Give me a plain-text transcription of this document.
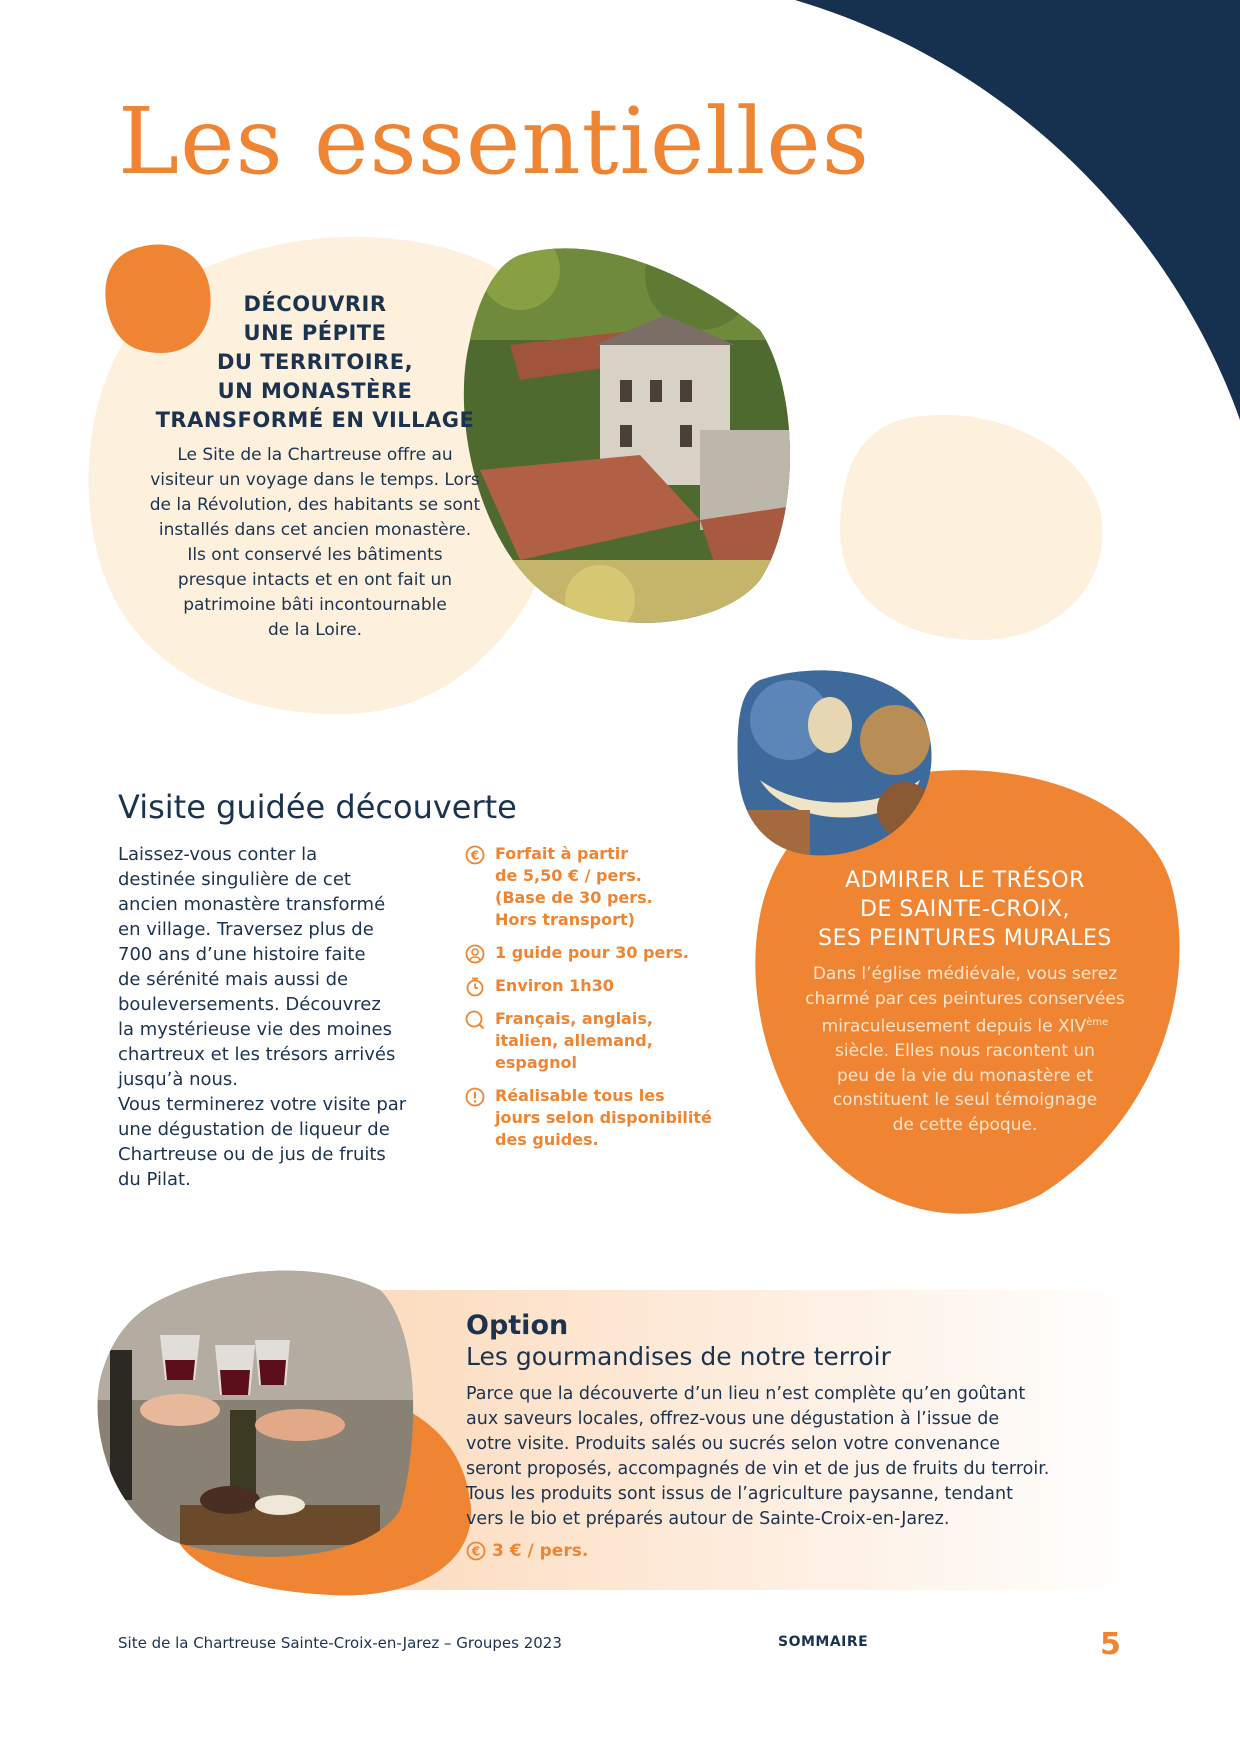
Les essentielles
DÉCOUVRIR
UNE PÉPITE
DU TERRITOIRE,
UN MONASTÈRE
TRANSFORMÉ EN VILLAGE
Le Site de la Chartreuse offre au
visiteur un voyage dans le temps. Lors
de la Révolution, des habitants se sont
installés dans cet ancien monastère.
Ils ont conservé les bâtiments
presque intacts et en ont fait un
patrimoine bâti incontournable
de la Loire.
Visite guidée découverte
Laissez-vous conter la
destinée singulière de cet
ancien monastère transformé
en village. Traversez plus de
700 ans d’une histoire faite
de sérénité mais aussi de
bouleversements. Découvrez
la mystérieuse vie des moines
chartreux et les trésors arrivés
jusqu’à nous.
Vous terminerez votre visite par
une dégustation de liqueur de
Chartreuse ou de jus de fruits
du Pilat.
€ Forfait à partir
de 5,50 € / pers.
(Base de 30 pers.
Hors transport)
1 guide pour 30 pers.
Environ 1h30
Français, anglais,
italien, allemand,
espagnol
Réalisable tous les
jours selon disponibilité
des guides.
ADMIRER LE TRÉSOR
DE SAINTE-CROIX,
SES PEINTURES MURALES
Dans l’église médiévale, vous serez
charmé par ces peintures conservées
miraculeusement depuis le XIVème
siècle. Elles nous racontent un
peu de la vie du monastère et
constituent le seul témoignage
de cette époque.
Option
Les gourmandises de notre terroir
Parce que la découverte d’un lieu n’est complète qu’en goûtant
aux saveurs locales, offrez-vous une dégustation à l’issue de
votre visite. Produits salés ou sucrés selon votre convenance
seront proposés, accompagnés de vin et de jus de fruits du terroir.
Tous les produits sont issus de l’agriculture paysanne, tendant
vers le bio et préparés autour de Sainte-Croix-en-Jarez.
€ 3 € / pers.
Site de la Chartreuse Sainte-Croix-en-Jarez – Groupes 2023	SOMMAIRE	5
